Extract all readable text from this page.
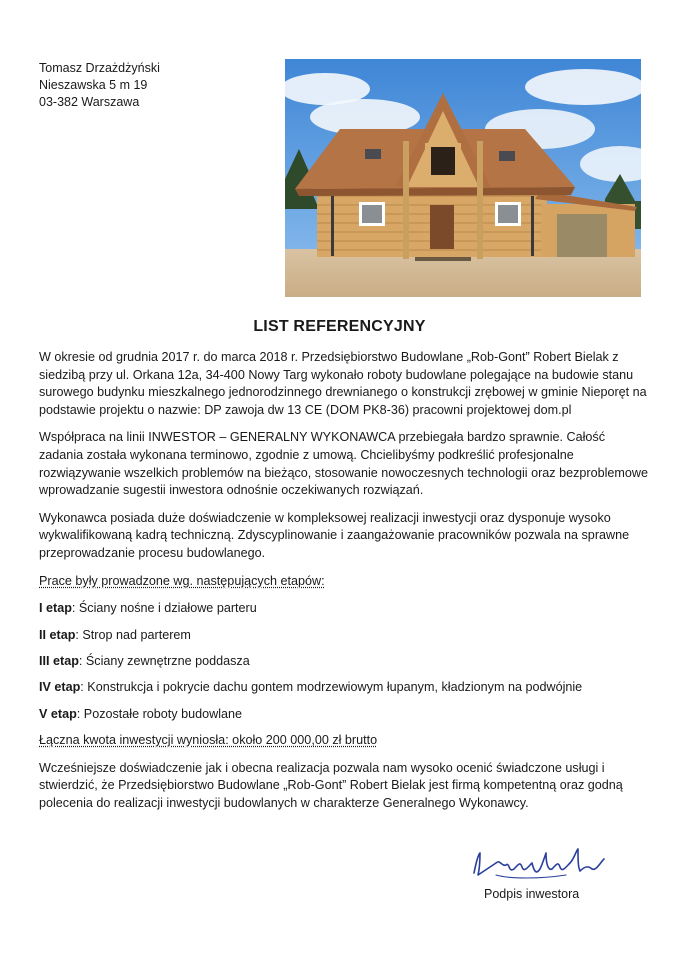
Tomasz Drzażdżyński
Nieszawska 5 m 19
03-382 Warszawa
LIST REFERENCYJNY

W okresie od grudnia 2017 r. do marca 2018 r. Przedsiębiorstwo Budowlane „Rob-Gont” Robert Bielak z siedzibą przy ul. Orkana 12a, 34-400 Nowy Targ wykonało roboty budowlane polegające na budowie stanu surowego budynku mieszkalnego jednorodzinnego drewnianego o konstrukcji zrębowej w gminie Nieporęt na podstawie projektu o nazwie: DP zawoja dw 13 CE (DOM PK8-36) pracowni projektowej dom.pl

Współpraca na linii INWESTOR – GENERALNY WYKONAWCA przebiegała bardzo sprawnie. Całość zadania została wykonana terminowo, zgodnie z umową. Chcielibyśmy podkreślić profesjonalne rozwiązywanie wszelkich problemów na bieżąco, stosowanie nowoczesnych technologii oraz bezproblemowe wprowadzanie sugestii inwestora odnośnie oczekiwanych rozwiązań.

Wykonawca posiada duże doświadczenie w kompleksowej realizacji inwestycji oraz dysponuje wysoko wykwalifikowaną kadrą techniczną. Zdyscyplinowanie i zaangażowanie pracowników pozwala na sprawne przeprowadzanie procesu budowlanego.

Prace były prowadzone wg. następujących etapów:

I etap: Ściany nośne i działowe parteru
II etap: Strop nad parterem
III etap: Ściany zewnętrzne poddasza
IV etap: Konstrukcja i pokrycie dachu gontem modrzewiowym łupanym, kładzionym na podwójnie
V etap: Pozostałe roboty budowlane

Łączna kwota inwestycji wyniosła: około 200 000,00 zł brutto

Wcześniejsze doświadczenie jak i obecna realizacja pozwala nam wysoko ocenić świadczone usługi i stwierdzić, że Przedsiębiorstwo Budowlane „Rob-Gont” Robert Bielak jest firmą kompetentną oraz godną polecenia do realizacji inwestycji budowlanych w charakterze Generalnego Wykonawcy.

Podpis inwestora
